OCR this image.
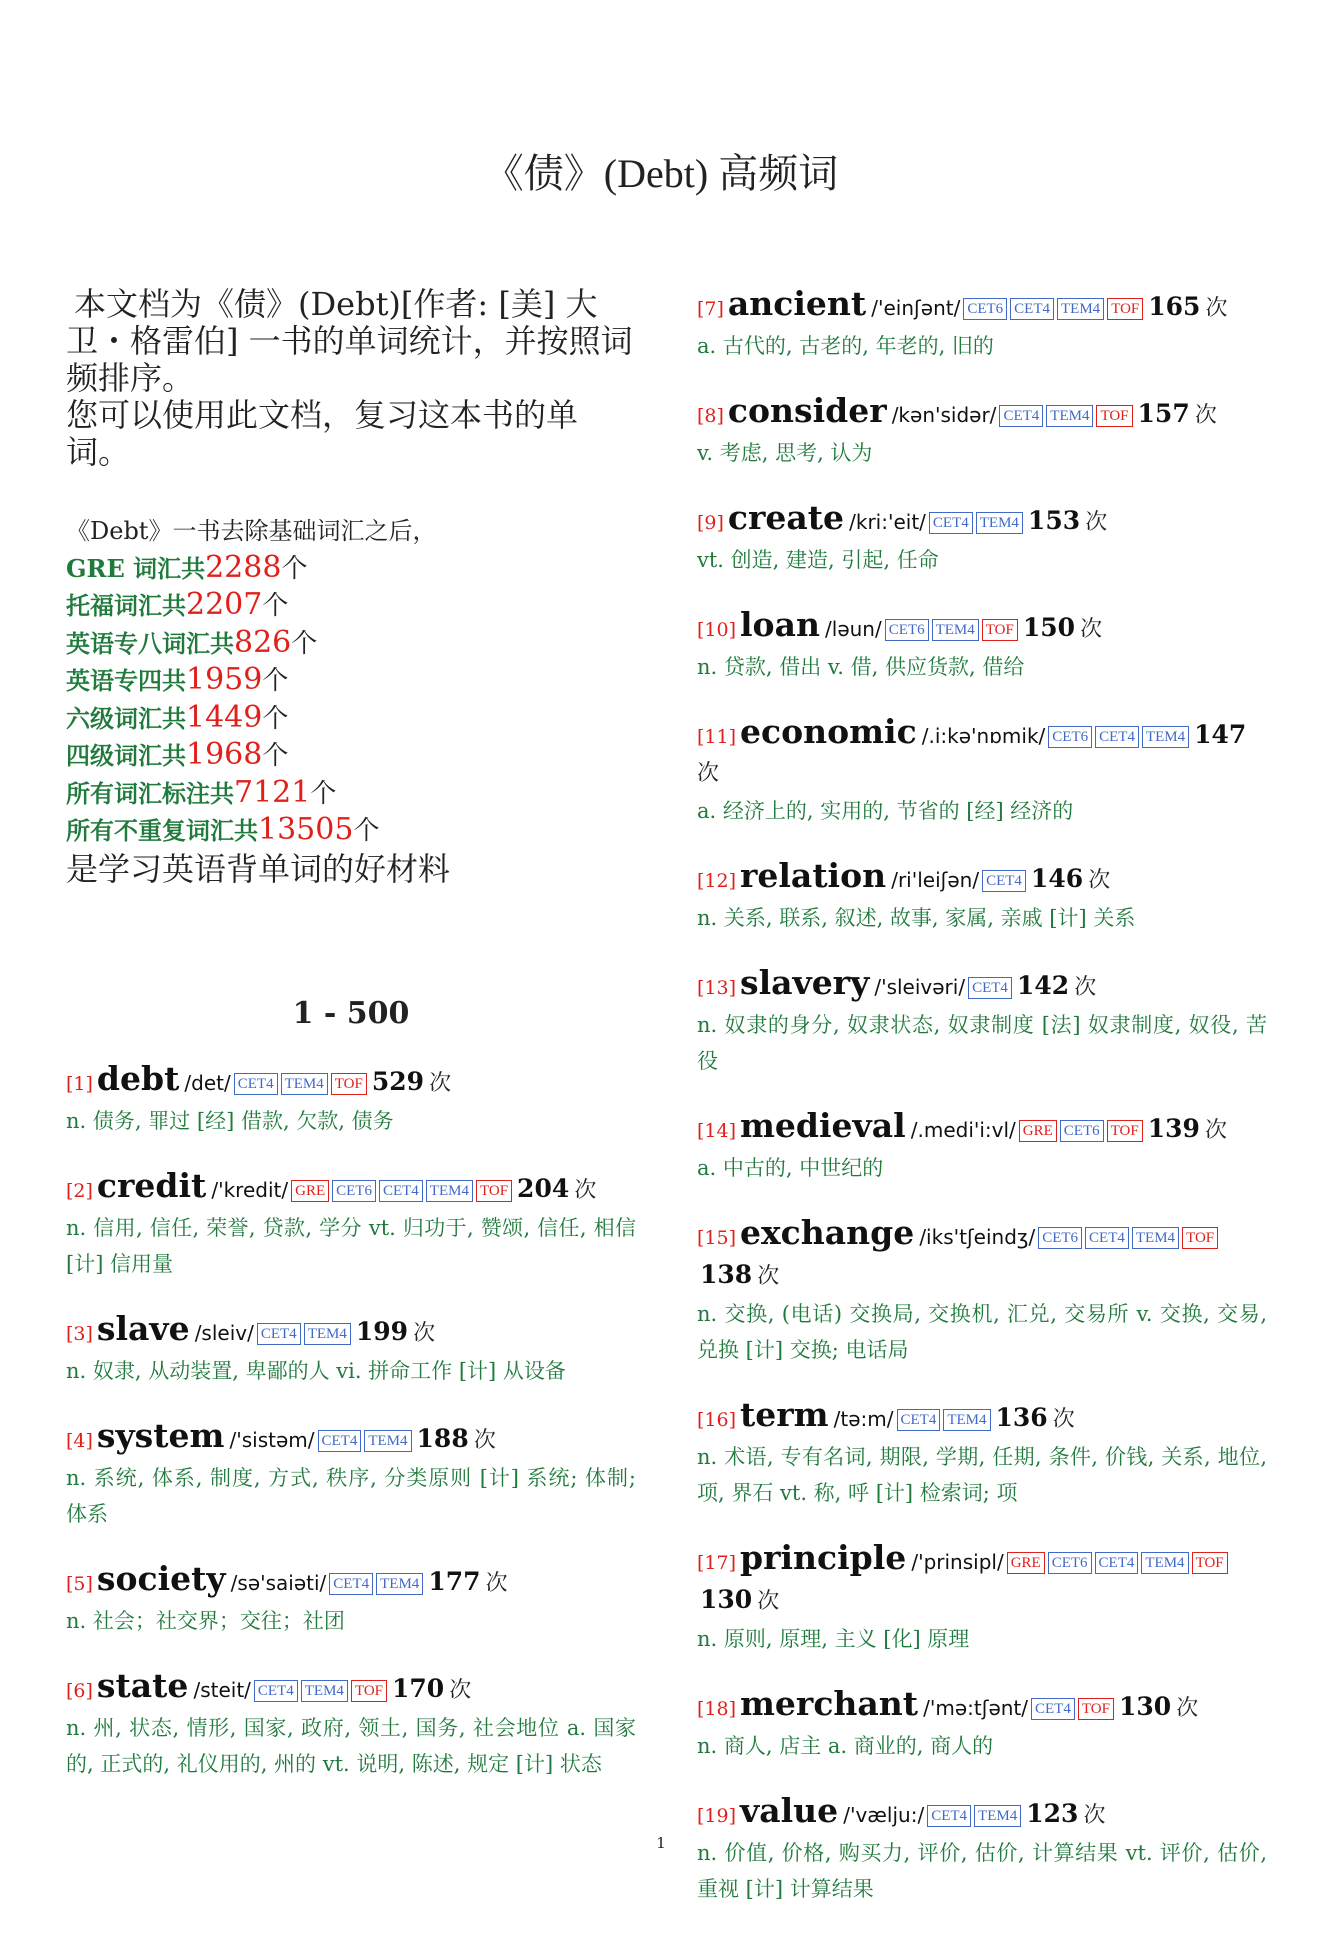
《债》(Debt) 高频词

本文档为《债》(Debt)[作者: [美] 大卫・格雷伯] 一书的单词统计，并按照词频排序。

您可以使用此文档，复习这本书的单词。

《Debt》一书去除基础词汇之后，
GRE 词汇共2288个
托福词汇共2207个
英语专八词汇共826个
英语专四共1959个
六级词汇共1449个
四级词汇共1968个
所有词汇标注共7121个
所有不重复词汇共13505个
是学习英语背单词的好材料
1 - 500
[1] debt /det/ CET4 TEM4 TOF 529 次
n. 债务, 罪过 [经] 借款, 欠款, 债务
[2] credit /'kredit/ GRE CET6 CET4 TEM4 TOF 204 次
n. 信用, 信任, 荣誉, 贷款, 学分 vt. 归功于, 赞颂, 信任, 相信 [计] 信用量
[3] slave /sleiv/ CET4 TEM4 199 次
n. 奴隶, 从动装置, 卑鄙的人 vi. 拼命工作 [计] 从设备
[4] system /'sistəm/ CET4 TEM4 188 次
n. 系统, 体系, 制度, 方式, 秩序, 分类原则 [计] 系统; 体制; 体系
[5] society /sə'saiəti/ CET4 TEM4 177 次
n. 社会；社交界；交往；社团
[6] state /steit/ CET4 TEM4 TOF 170 次
n. 州, 状态, 情形, 国家, 政府, 领土, 国务, 社会地位 a. 国家的, 正式的, 礼仪用的, 州的 vt. 说明, 陈述, 规定 [计] 状态
[7] ancient /'einʃənt/ CET6 CET4 TEM4 TOF 165 次
a. 古代的, 古老的, 年老的, 旧的
[8] consider /kən'sidər/ CET4 TEM4 TOF 157 次
v. 考虑, 思考, 认为
[9] create /kri:'eit/ CET4 TEM4 153 次
vt. 创造, 建造, 引起, 任命
[10] loan /ləun/ CET6 TEM4 TOF 150 次
n. 贷款, 借出 v. 借, 供应货款, 借给
[11] economic /.i:kə'nɒmik/ CET6 CET4 TEM4 147 次
a. 经济上的, 实用的, 节省的 [经] 经济的
[12] relation /ri'leiʃən/ CET4 146 次
n. 关系, 联系, 叙述, 故事, 家属, 亲戚 [计] 关系
[13] slavery /'sleivəri/ CET4 142 次
n. 奴隶的身分, 奴隶状态, 奴隶制度 [法] 奴隶制度, 奴役, 苦役
[14] medieval /.medi'i:vl/ GRE CET6 TOF 139 次
a. 中古的, 中世纪的
[15] exchange /iks'tʃeindʒ/ CET6 CET4 TEM4 TOF138 次
n. 交换, (电话) 交换局, 交换机, 汇兑, 交易所 v. 交换, 交易, 兑换 [计] 交换; 电话局
[16] term /tə:m/ CET4 TEM4 136 次
n. 术语, 专有名词, 期限, 学期, 任期, 条件, 价钱, 关系, 地位, 项, 界石 vt. 称, 呼 [计] 检索词; 项
[17] principle /'prinsipl/ GRE CET6 CET4 TEM4 TOF130 次
n. 原则, 原理, 主义 [化] 原理
[18] merchant /'mə:tʃənt/ CET4 TOF 130 次
n. 商人, 店主 a. 商业的, 商人的
[19] value /'vælju:/ CET4 TEM4 123 次
n. 价值, 价格, 购买力, 评价, 估价, 计算结果 vt. 评价, 估价, 重视 [计] 计算结果
1
